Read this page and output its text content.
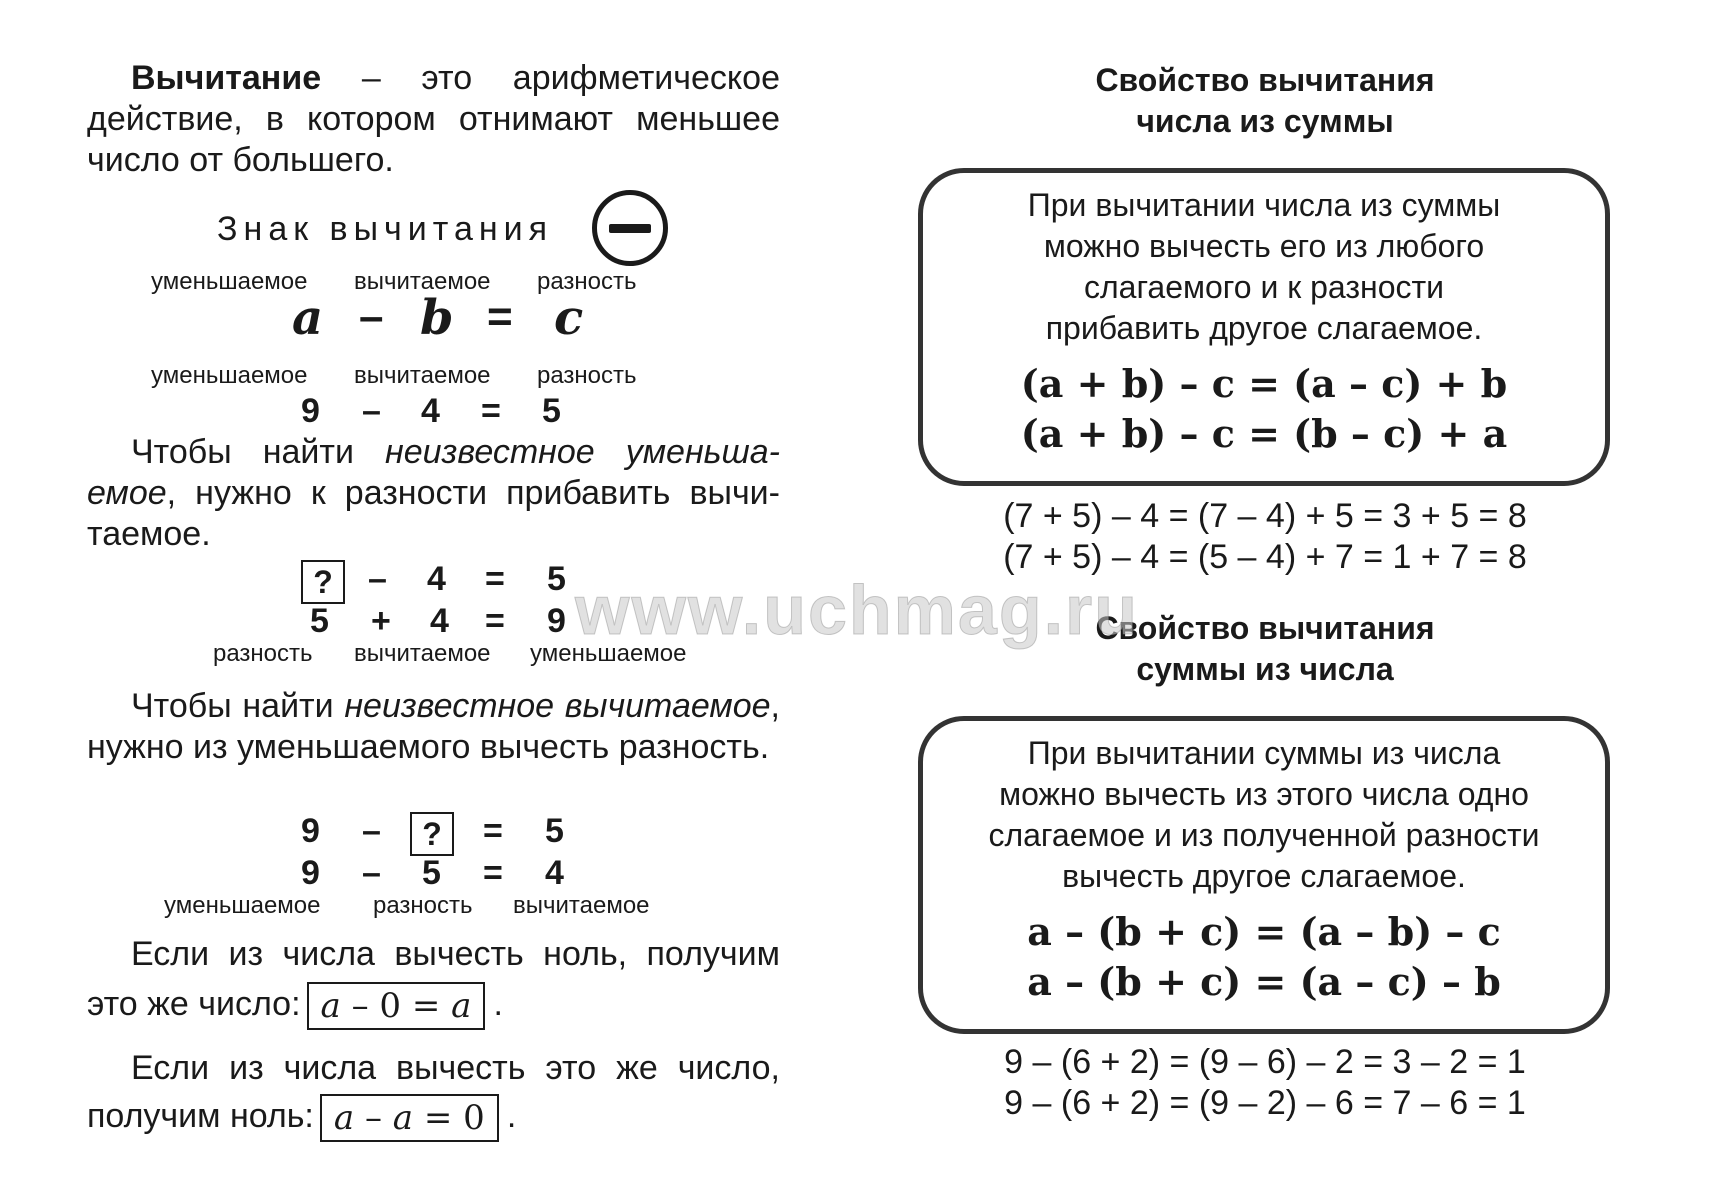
Вычитание – это арифметическое действие, в котором отнимают меньшее число от большего.

Знак вычитания
уменьшаемое вычитаемое разность
a – b = c
уменьшаемое вычитаемое разность
9 – 4 = 5

Чтобы найти неизвестное уменьшаемое, нужно к разности прибавить вычитаемое.

?	– 4 = 5
5 + 4 = 9
разность вычитаемое уменьшаемое

Чтобы найти неизвестное вычитаемое, нужно из уменьшаемого вычесть разность.

9 –	?	= 5
9 – 5 = 4
уменьшаемое разность вычитаемое
Если из числа вычесть ноль, получим
это же число: a – 0 = a .
Если из числа вычесть это же число,
получим ноль: a – a = 0 .
Свойство вычитания
числа из суммы
При вычитании числа из суммы
можно вычесть его из любого
слагаемого и к разности
прибавить другое слагаемое.
(a + b) – c = (a – c) + b
(a + b) – c = (b – c) + a
(7 + 5) – 4 = (7 – 4) + 5 = 3 + 5 = 8
(7 + 5) – 4 = (5 – 4) + 7 = 1 + 7 = 8
Свойство вычитания
суммы из числа
При вычитании суммы из числа
можно вычесть из этого числа одно
слагаемое и из полученной разности
вычесть другое слагаемое.
a – (b + c) = (a – b) – c
a – (b + c) = (a – c) – b
9 – (6 + 2) = (9 – 6) – 2 = 3 – 2 = 1
9 – (6 + 2) = (9 – 2) – 6 = 7 – 6 = 1
www.uchmag.ru
